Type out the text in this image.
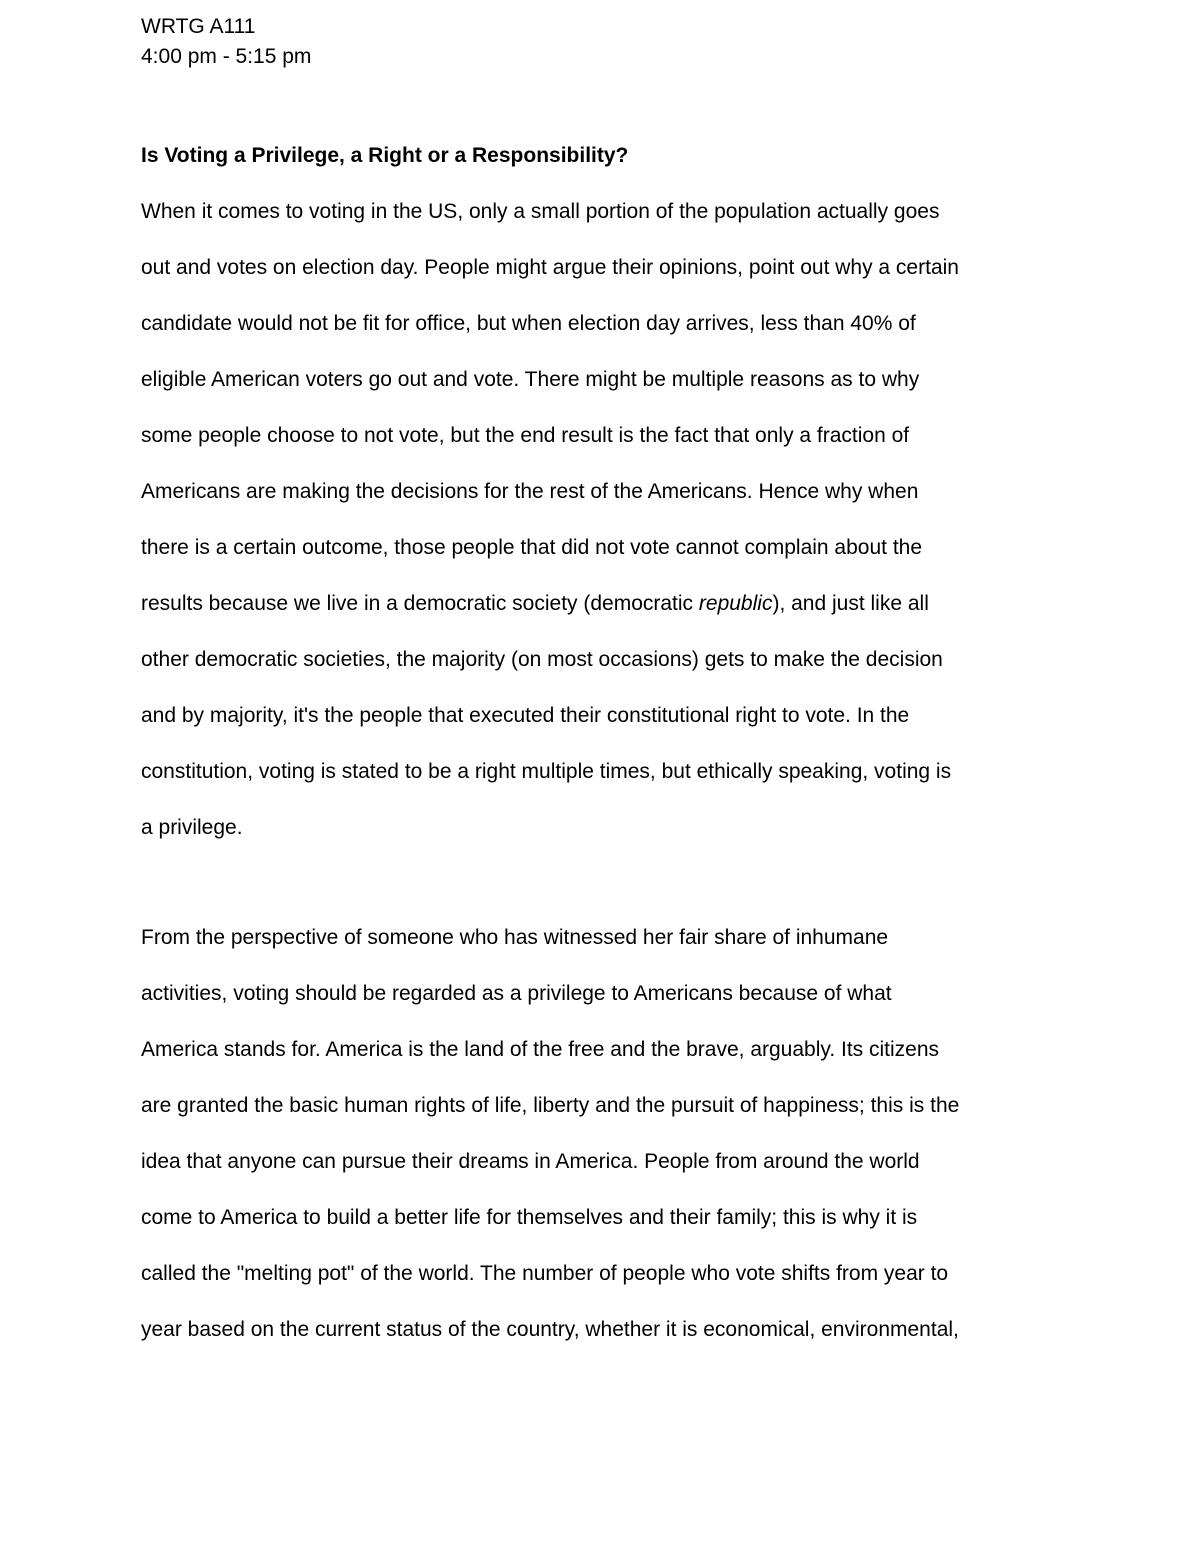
WRTG A111
4:00 pm - 5:15 pm
Is Voting a Privilege, a Right or a Responsibility?
When it comes to voting in the US, only a small portion of the population actually goes
out and votes on election day. People might argue their opinions, point out why a certain
candidate would not be fit for office, but when election day arrives, less than 40% of
eligible American voters go out and vote. There might be multiple reasons as to why
some people choose to not vote, but the end result is the fact that only a fraction of
Americans are making the decisions for the rest of the Americans. Hence why when
there is a certain outcome, those people that did not vote cannot complain about the
results because we live in a democratic society (democratic republic), and just like all
other democratic societies, the majority (on most occasions) gets to make the decision
and by majority, it's the people that executed their constitutional right to vote. In the
constitution, voting is stated to be a right multiple times, but ethically speaking, voting is
a privilege.
From the perspective of someone who has witnessed her fair share of inhumane
activities, voting should be regarded as a privilege to Americans because of what
America stands for. America is the land of the free and the brave, arguably. Its citizens
are granted the basic human rights of life, liberty and the pursuit of happiness; this is the
idea that anyone can pursue their dreams in America. People from around the world
come to America to build a better life for themselves and their family; this is why it is
called the "melting pot" of the world. The number of people who vote shifts from year to
year based on the current status of the country, whether it is economical, environmental,
